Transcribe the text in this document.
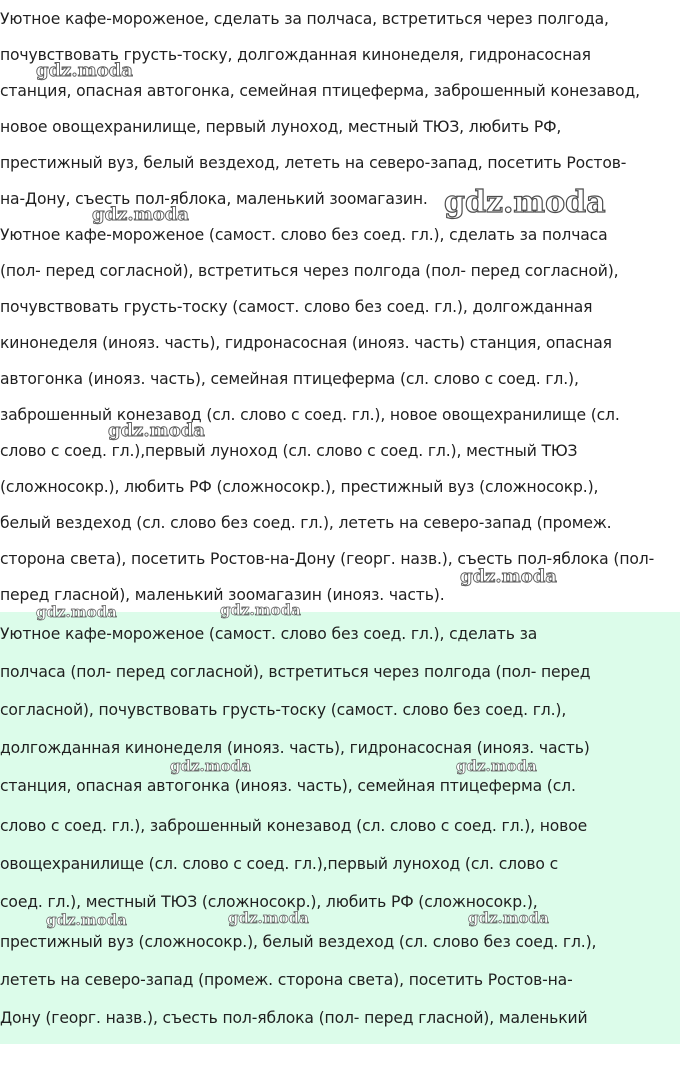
Уютное кафе-мороженое, сделать за полчаса, встретиться через полгода,
почувствовать грусть-тоску, долгожданная кинонеделя, гидронасосная
станция, опасная автогонка, семейная птицеферма, заброшенный конезавод,
новое овощехранилище, первый луноход, местный ТЮЗ, любить РФ,
престижный вуз, белый вездеход, лететь на северо-запад, посетить Ростов-
на-Дону, съесть пол-яблока, маленький зоомагазин.
Уютное кафе-мороженое (самост. слово без соед. гл.), сделать за полчаса
(пол- перед согласной), встретиться через полгода (пол- перед согласной),
почувствовать грусть-тоску (самост. слово без соед. гл.), долгожданная
кинонеделя (инояз. часть), гидронасосная (инояз. часть) станция, опасная
автогонка (инояз. часть), семейная птицеферма (сл. слово с соед. гл.),
заброшенный конезавод (сл. слово с соед. гл.), новое овощехранилище (сл.
слово с соед. гл.),первый луноход (сл. слово с соед. гл.), местный ТЮЗ
(сложносокр.), любить РФ (сложносокр.), престижный вуз (сложносокр.),
белый вездеход (сл. слово без соед. гл.), лететь на северо-запад (промеж.
сторона света), посетить Ростов-на-Дону (георг. назв.), съесть пол-яблока (пол-
перед гласной), маленький зоомагазин (инояз. часть).
Уютное кафе-мороженое (самост. слово без соед. гл.), сделать за
полчаса (пол- перед согласной), встретиться через полгода (пол- перед
согласной), почувствовать грусть-тоску (самост. слово без соед. гл.),
долгожданная кинонеделя (инояз. часть), гидронасосная (инояз. часть)
станция, опасная автогонка (инояз. часть), семейная птицеферма (сл.
слово с соед. гл.), заброшенный конезавод (сл. слово с соед. гл.), новое
овощехранилище (сл. слово с соед. гл.),первый луноход (сл. слово с
соед. гл.), местный ТЮЗ (сложносокр.), любить РФ (сложносокр.),
престижный вуз (сложносокр.), белый вездеход (сл. слово без соед. гл.),
лететь на северо-запад (промеж. сторона света), посетить Ростов-на-
Дону (георг. назв.), съесть пол-яблока (пол- перед гласной), маленький
gdz.moda
gdz.moda	gdz.moda
gdz.moda
gdz.moda
gdz.moda	gdz.moda
gdz.moda	gdz.moda
gdz.moda	gdz.moda	gdz.moda
